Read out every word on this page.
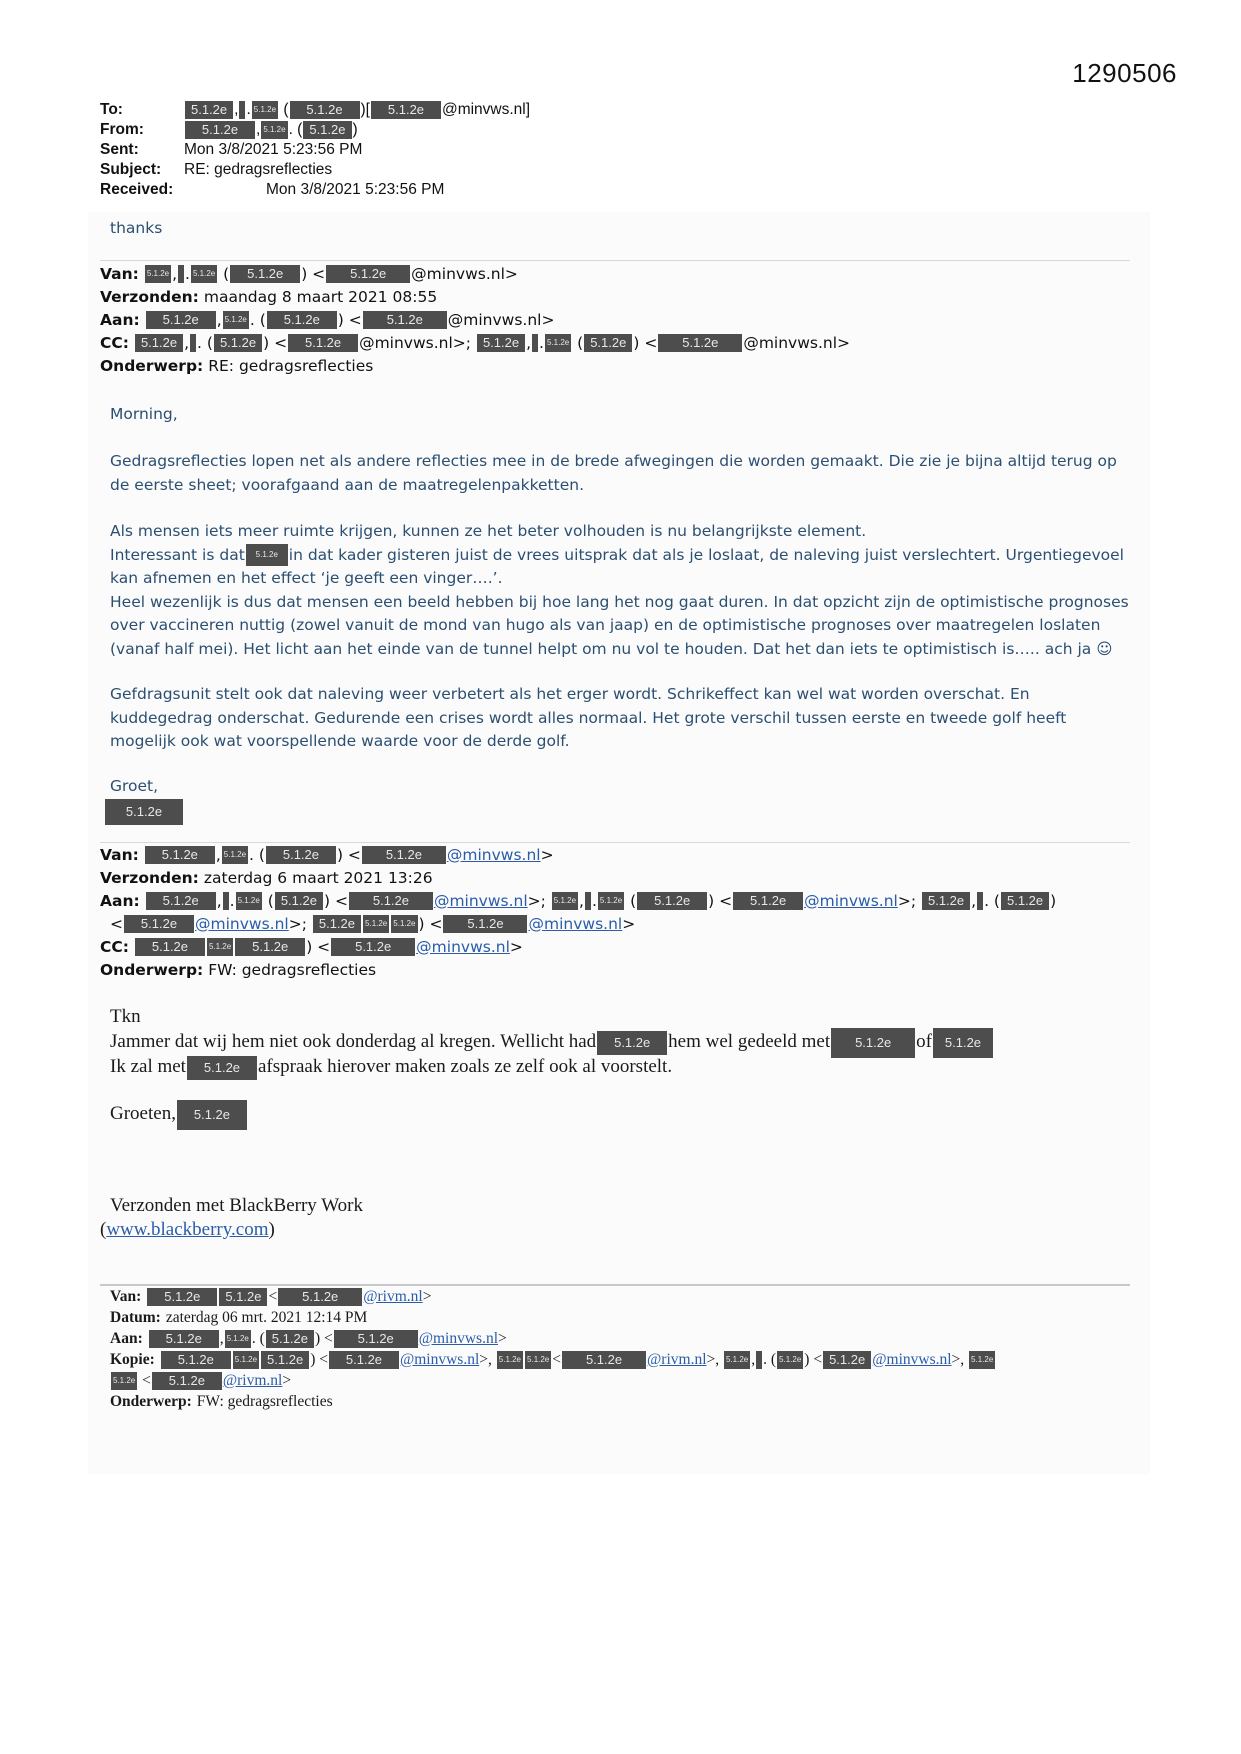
1290506
To:	5.1.2e ,
. 5.1.2e (	5.1.2e	)[	5.1.2e	@minvws.nl]
From:	5.1.2e	, 5.1.2e . ( 5.1.2e )
Sent:	Mon 3/8/2021 5:23:56 PM
Subject:	RE: gedragsreflecties
Received:	Mon 3/8/2021 5:23:56 PM
thanks
Van: 5.1.2e ,
. 5.1.2e (	5.1.2e	) <	5.1.2e	@minvws.nl>
Verzonden: maandag 8 maart 2021 08:55
Aan:	5.1.2e	, 5.1.2e . (	5.1.2e	) <	5.1.2e	@minvws.nl>
CC: 5.1.2e ,
. ( 5.1.2e ) <	5.1.2e	@minvws.nl>;
5.1.2e ,
. 5.1.2e ( 5.1.2e ) <	5.1.2e	@minvws.nl>
Onderwerp: RE: gedragsreflecties
Morning,
Gedragsreflecties lopen net als andere reflecties mee in de brede afwegingen die worden gemaakt. Die zie je bijna altijd terug op de eerste sheet; voorafgaand aan de maatregelenpakketten.
Als mensen iets meer ruimte krijgen, kunnen ze het beter volhouden is nu belangrijkste element.
Interessant is dat 5.1.2e in dat kader gisteren juist de vrees uitsprak dat als je loslaat, de naleving juist verslechtert. Urgentiegevoel
kan afnemen en het effect ‘je geeft een vinger….’.
Heel wezenlijk is dus dat mensen een beeld hebben bij hoe lang het nog gaat duren. In dat opzicht zijn de optimistische prognoses over vaccineren nuttig (zowel vanuit de mond van hugo als van jaap) en de optimistische prognoses over maatregelen loslaten (vanaf half mei). Het licht aan het einde van de tunnel helpt om nu vol te houden. Dat het dan iets te optimistisch is….. ach ja ☺
Gefdragsunit stelt ook dat naleving weer verbetert als het erger wordt. Schrikeffect kan wel wat worden overschat. En kuddegedrag onderschat. Gedurende een crises wordt alles normaal. Het grote verschil tussen eerste en tweede golf heeft mogelijk ook wat voorspellende waarde voor de derde golf.
Groet,
5.1.2e
Van:	5.1.2e	, 5.1.2e . (	5.1.2e	) <	5.1.2e	@minvws.nl >
Verzonden: zaterdag 6 maart 2021 13:26
Aan:	5.1.2e	,
. 5.1.2e ( 5.1.2e ) <	5.1.2e	@minvws.nl >; 5.1.2e ,
. 5.1.2e (	5.1.2e	) <	5.1.2e	@minvws.nl >; 5.1.2e ,
. ( 5.1.2e )
<	5.1.2e	@minvws.nl >; 5.1.2e	5.1.2e 5.1.2e ) <	5.1.2e	@minvws.nl >
CC:	5.1.2e	5.1.2e	5.1.2e	) <	5.1.2e	@minvws.nl >
Onderwerp: FW: gedragsreflecties
Tkn
Jammer dat wij hem niet ook donderdag al kregen. Wellicht had	5.1.2e hem wel gedeeld met	5.1.2e	of 5.1.2e
Ik zal met	5.1.2e afspraak hierover maken zoals ze zelf ook al voorstelt.
Groeten,	5.1.2e
Verzonden met BlackBerry Work
(www.blackberry.com)
Van:	5.1.2e	5.1.2e <	5.1.2e	@rivm.nl >
Datum: zaterdag 06 mrt. 2021 12:14 PM
Aan:	5.1.2e	, 5.1.2e . ( 5.1.2e ) <	5.1.2e	@minvws.nl >
Kopie:	5.1.2e	5.1.2e 5.1.2e ) <	5.1.2e	@minvws.nl >, 5.1.2e 5.1.2e <	5.1.2e	@rivm.nl >, 5.1.2e ,
. ( 5.1.2e ) < 5.1.2e @minvws.nl >, 5.1.2e
5.1.2e <	5.1.2e	@rivm.nl >
Onderwerp: FW: gedragsreflecties
